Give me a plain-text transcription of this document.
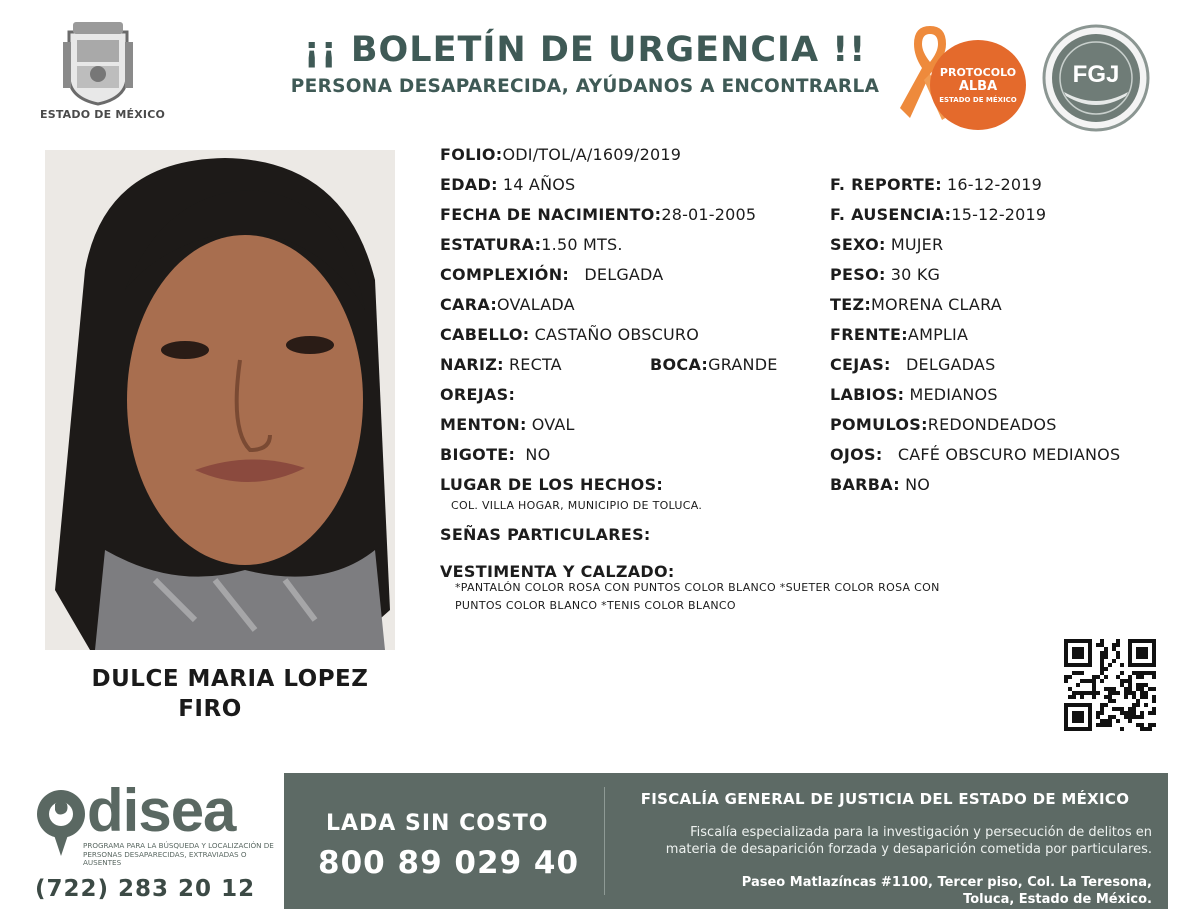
ESTADO DE MÉXICO
¡¡ BOLETÍN DE URGENCIA !!
PERSONA DESAPARECIDA, AYÚDANOS A ENCONTRARLA
PROTOCOLO
ALBA
ESTADO DE MÉXICO
FGJ
DULCE MARIA LOPEZ
FIRO
FOLIO:ODI/TOL/A/1609/2019
EDAD: 14 AÑOS
FECHA DE NACIMIENTO:28-01-2005
ESTATURA:1.50 MTS.
COMPLEXIÓN: DELGADA
CARA:OVALADA
CABELLO: CASTAÑO OBSCURO
NARIZ: RECTA	BOCA:GRANDE
OREJAS:
MENTON: OVAL
BIGOTE: NO
LUGAR DE LOS HECHOS:
COL. VILLA HOGAR, MUNICIPIO DE TOLUCA.
SEÑAS PARTICULARES:
VESTIMENTA Y CALZADO:
*PANTALÓN COLOR ROSA CON PUNTOS COLOR BLANCO *SUETER COLOR ROSA CON
PUNTOS COLOR BLANCO *TENIS COLOR BLANCO
F. REPORTE: 16-12-2019
F. AUSENCIA:15-12-2019
SEXO: MUJER
PESO: 30 KG
TEZ:MORENA CLARA
FRENTE:AMPLIA
CEJAS: DELGADAS
LABIOS: MEDIANOS
POMULOS:REDONDEADOS
OJOS: CAFÉ OBSCURO MEDIANOS
BARBA: NO
disea
PROGRAMA PARA LA BÚSQUEDA Y LOCALIZACIÓN DE PERSONAS DESAPARECIDAS, EXTRAVIADAS O AUSENTES
(722) 283 20 12
LADA SIN COSTO
800 89 029 40
FISCALÍA GENERAL DE JUSTICIA DEL ESTADO DE MÉXICO
Fiscalía especializada para la investigación y persecución de delitos en
materia de desaparición forzada y desaparición cometida por particulares.
Paseo Matlazíncas #1100, Tercer piso, Col. La Teresona,
Toluca, Estado de México.
